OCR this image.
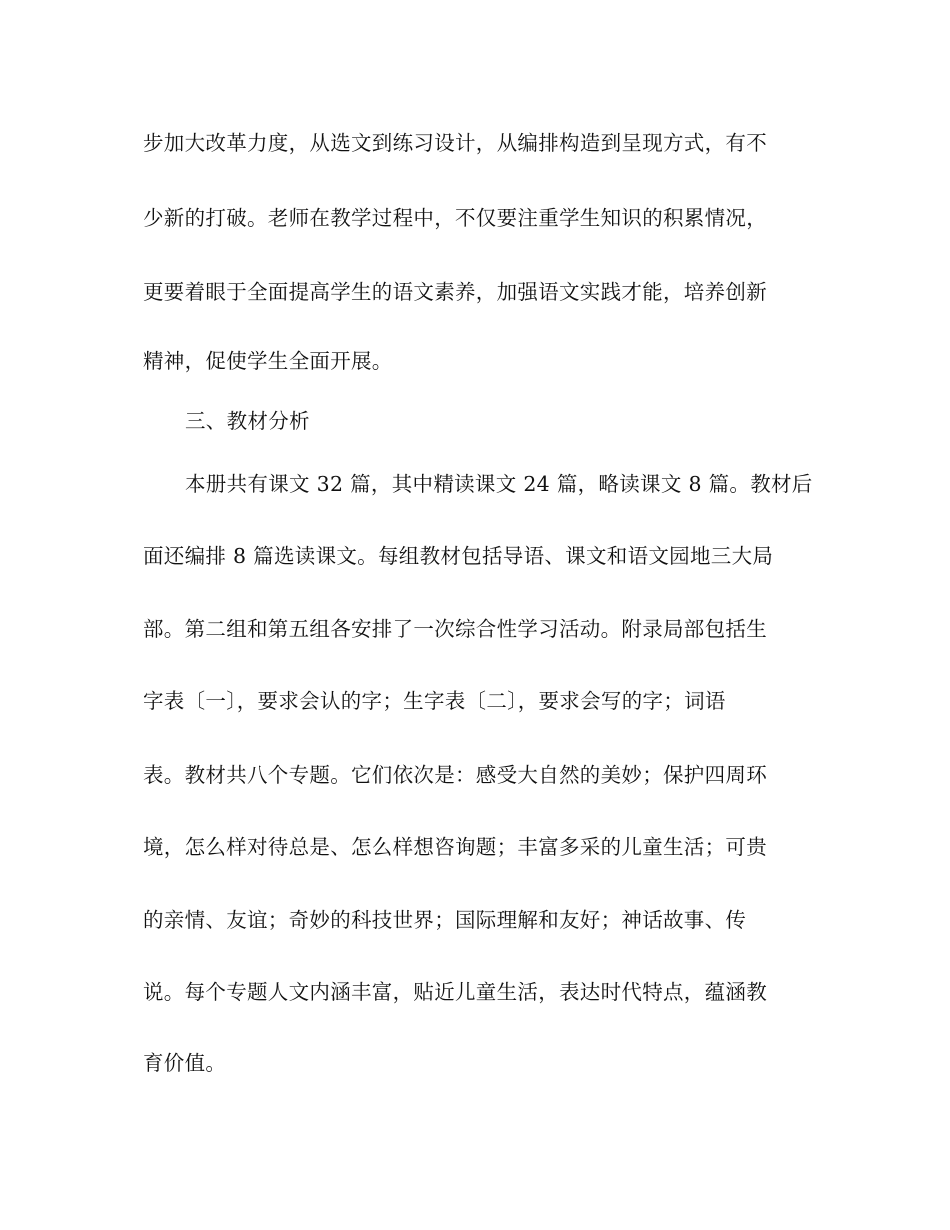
步加大改革力度，从选文到练习设计，从编排构造到呈现方式，有不
少新的打破。老师在教学过程中，不仅要注重学生知识的积累情况，
更要着眼于全面提高学生的语文素养，加强语文实践才能，培养创新
精神，促使学生全面开展。
三、教材分析
本册共有课文 32 篇，其中精读课文 24 篇，略读课文 8 篇。教材后
面还编排 8 篇选读课文。每组教材包括导语、课文和语文园地三大局
部。第二组和第五组各安排了一次综合性学习活动。附录局部包括生
字表〔一〕，要求会认的字；生字表〔二〕，要求会写的字；词语
表。教材共八个专题。它们依次是：感受大自然的美妙；保护四周环
境，怎么样对待总是、怎么样想咨询题；丰富多采的儿童生活；可贵
的亲情、友谊；奇妙的科技世界；国际理解和友好；神话故事、传
说。每个专题人文内涵丰富，贴近儿童生活，表达时代特点，蕴涵教
育价值。
